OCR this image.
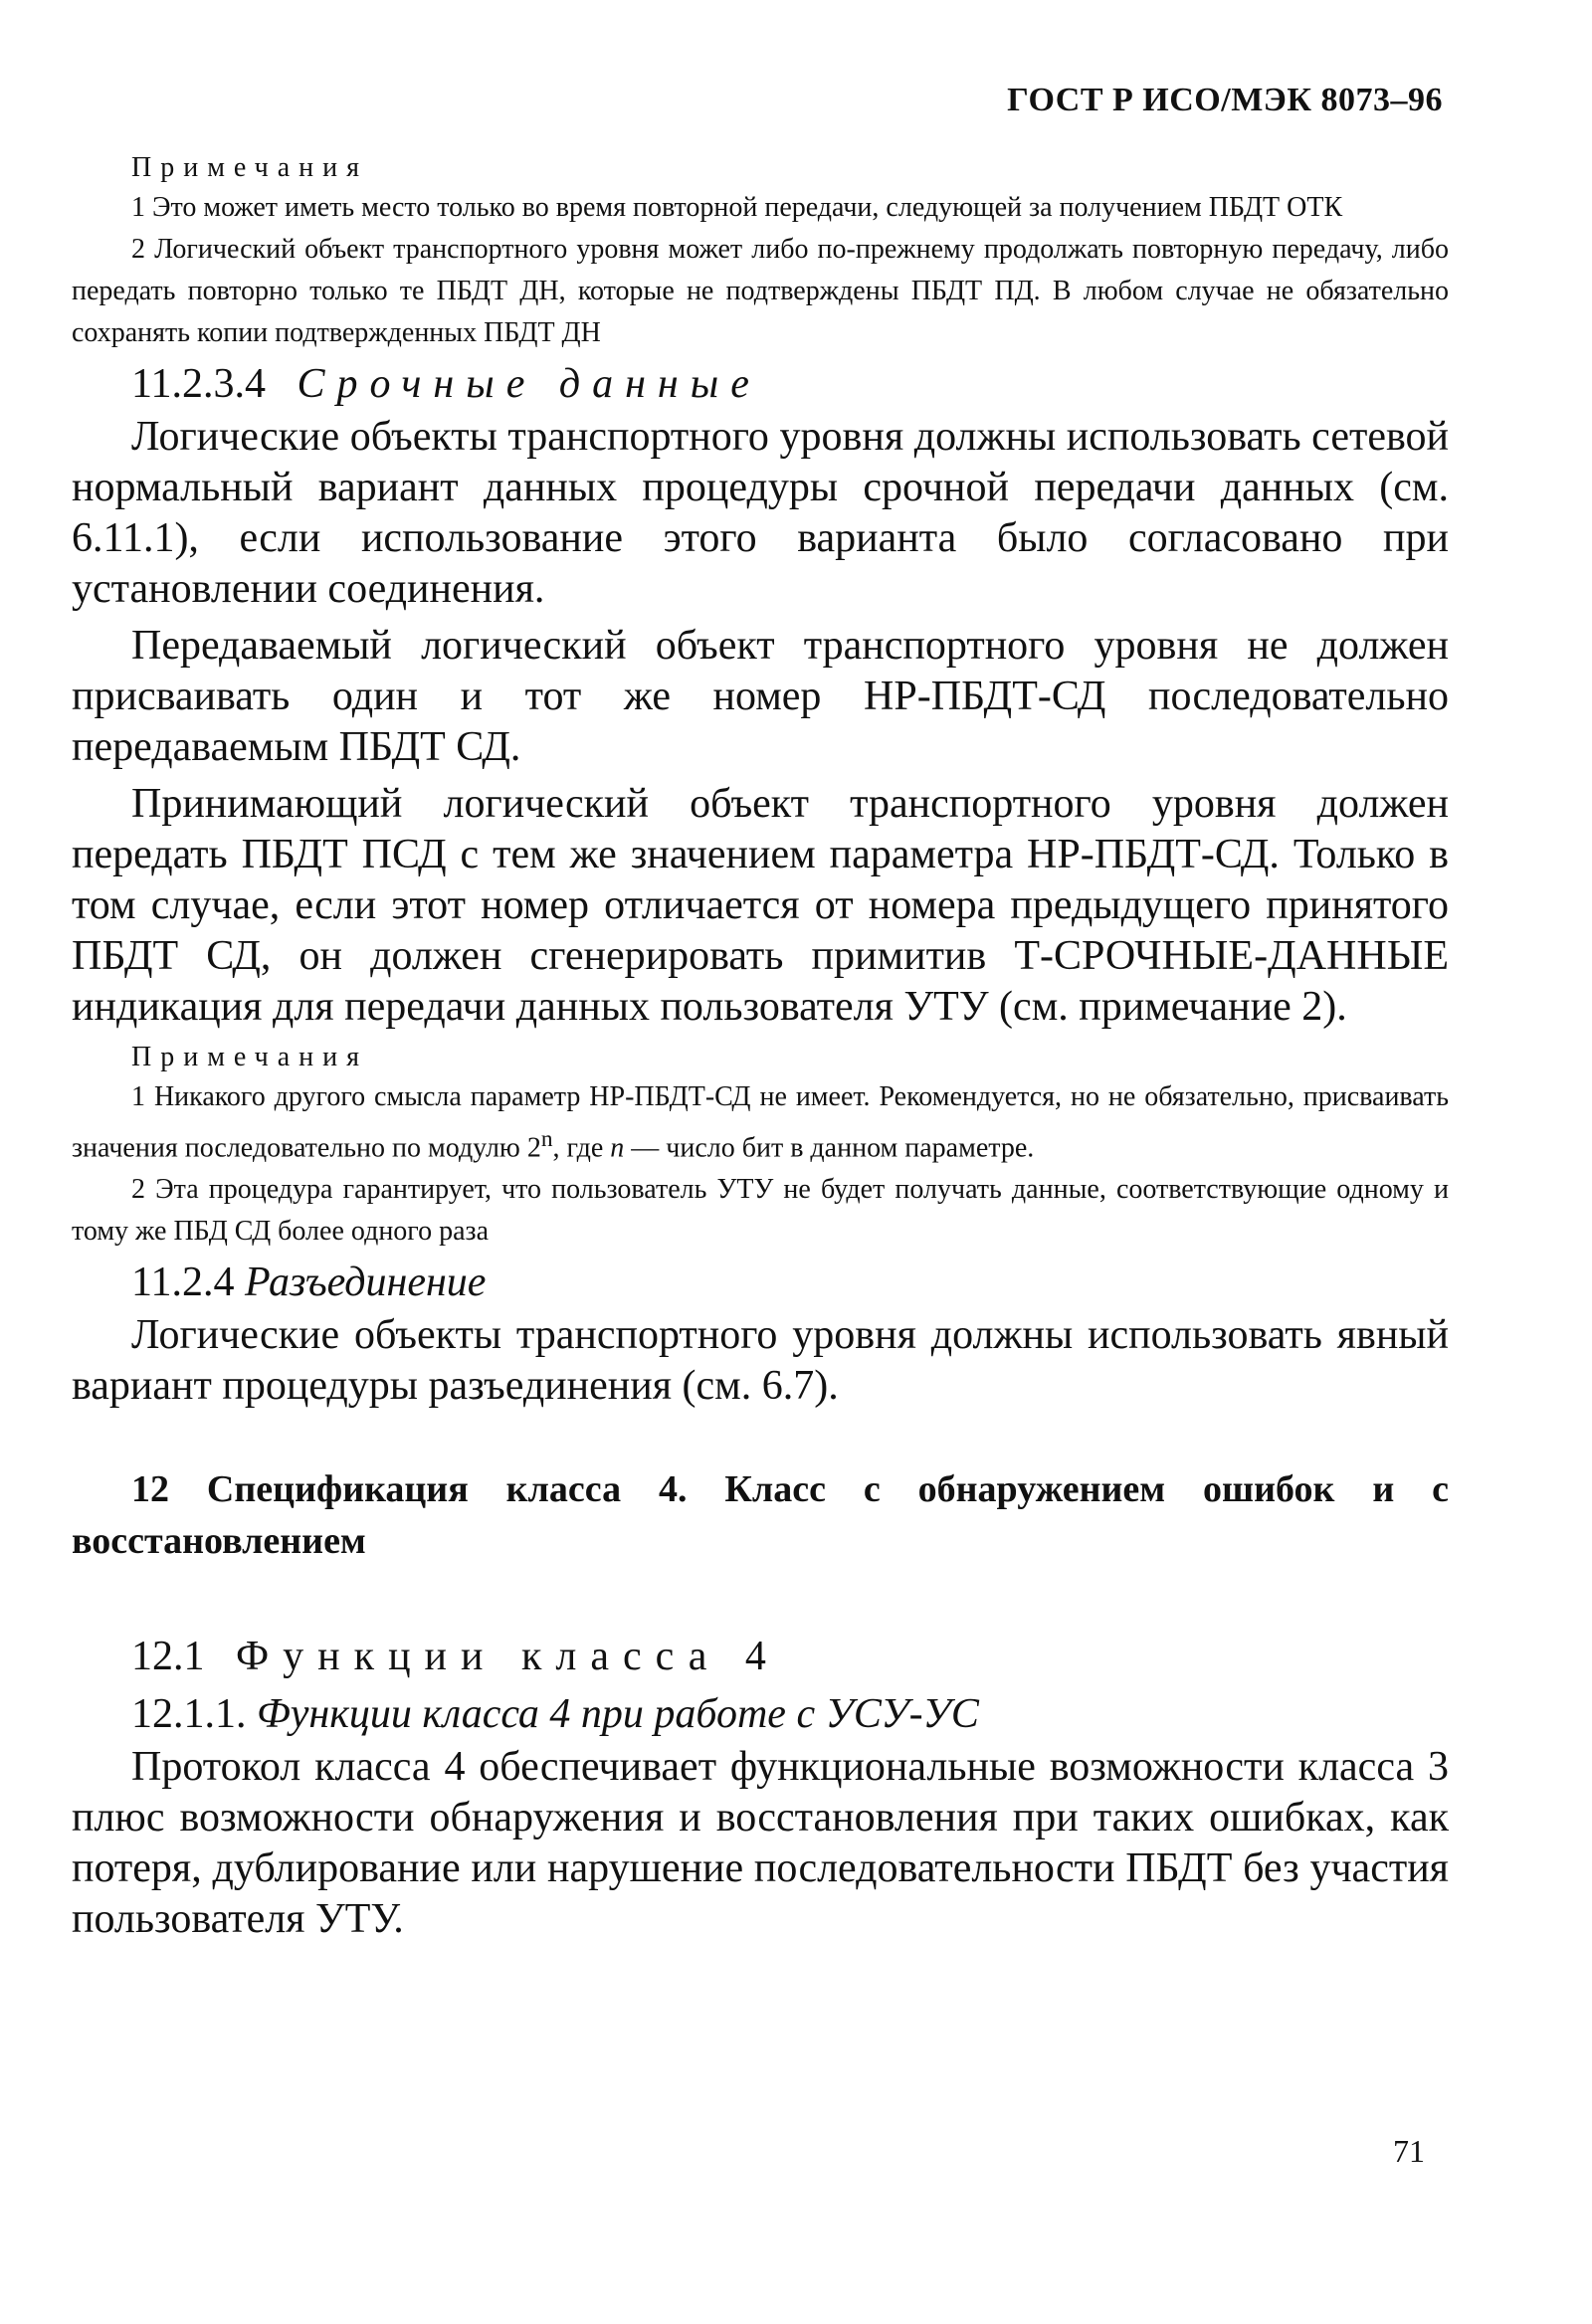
ГОСТ Р ИСО/МЭК 8073–96
Примечания

1 Это может иметь место только во время повторной передачи, следующей за получением ПБДТ ОТК

2 Логический объект транспортного уровня может либо по-прежнему продолжать повторную передачу, либо передать повторно только те ПБДТ ДН, которые не подтверждены ПБДТ ПД. В любом случае не обязательно сохранять копии подтвержденных ПБДТ ДН

11.2.3.4 Срочные данные

Логические объекты транспортного уровня должны использовать сетевой нормальный вариант данных процедуры срочной передачи данных (см. 6.11.1), если использование этого варианта было согласовано при установлении соединения.

Передаваемый логический объект транспортного уровня не должен присваивать один и тот же номер НР-ПБДТ-СД последовательно передаваемым ПБДТ СД.

Принимающий логический объект транспортного уровня должен передать ПБДТ ПСД с тем же значением параметра НР-ПБДТ-СД. Только в том случае, если этот номер отличается от номера предыдущего принятого ПБДТ СД, он должен сгенерировать примитив Т-СРОЧНЫЕ-ДАННЫЕ индикация для передачи данных пользователя УТУ (см. примечание 2).

Примечания

1 Никакого другого смысла параметр НР-ПБДТ-СД не имеет. Рекомендуется, но не обязательно, присваивать значения последовательно по модулю 2$^n$, где n — число бит в данном параметре.

2 Эта процедура гарантирует, что пользователь УТУ не будет получать данные, соответствующие одному и тому же ПБД СД более одного раза

11.2.4 Разъединение

Логические объекты транспортного уровня должны использовать явный вариант процедуры разъединения (см. 6.7).

12 Спецификация класса 4. Класс с обнаружением ошибок и с восстановлением
12.1 Функции класса 4
12.1.1. Функции класса 4 при работе с УСУ-УС

Протокол класса 4 обеспечивает функциональные возможности класса 3 плюс возможности обнаружения и восстановления при таких ошибках, как потеря, дублирование или нарушение последовательности ПБДТ без участия пользователя УТУ.

71
